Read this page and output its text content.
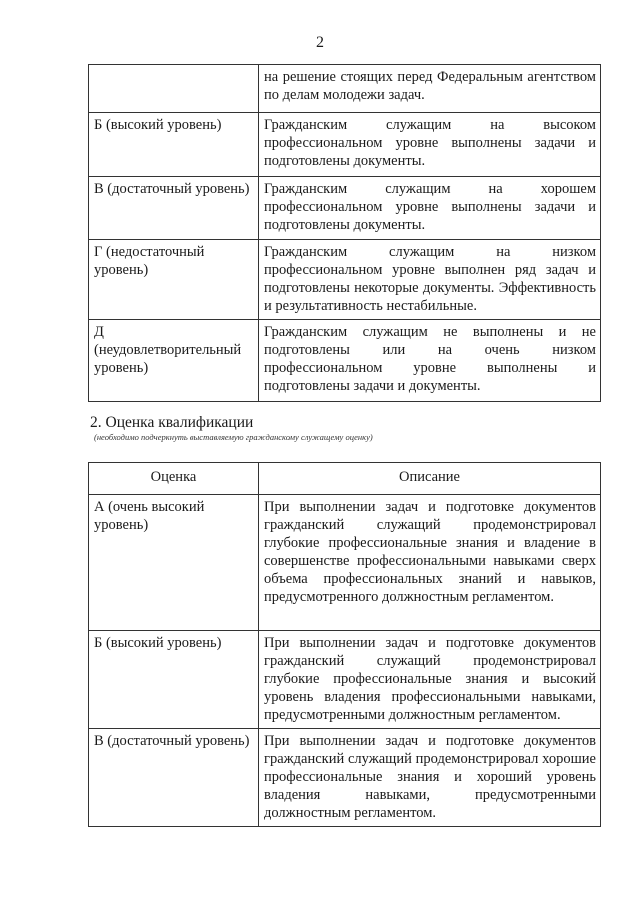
2
	на решение стоящих перед Федеральным агентством по делам молодежи задач.
Б (высокий уровень)	Гражданским служащим на высоком профессиональном уровне выполнены задачи и подготовлены документы.
В (достаточный уровень)	Гражданским служащим на хорошем профессиональном уровне выполнены задачи и подготовлены документы.
Г (недостаточный уровень)	Гражданским служащим на низком профессиональном уровне выполнен ряд задач и подготовлены некоторые документы. Эффективность и результативность нестабильные.
Д (неудовлетворительный уровень)	Гражданским служащим не выполнены и не подготовлены или на очень низком профессиональном уровне выполнены и подготовлены задачи и документы.
2. Оценка квалификации
(необходимо подчеркнуть выставляемую гражданскому служащему оценку)
Оценка	Описание
А (очень высокий уровень)	При выполнении задач и подготовке документов гражданский служащий продемонстрировал глубокие профессиональные знания и владение в совершенстве профессиональными навыками сверх объема профессиональных знаний и навыков, предусмотренного должностным регламентом.
Б (высокий уровень)	При выполнении задач и подготовке документов гражданский служащий продемонстрировал глубокие профессиональные знания и высокий уровень владения профессиональными навыками, предусмотренными должностным регламентом.
В (достаточный уровень)	При выполнении задач и подготовке документов гражданский служащий продемонстрировал хорошие профессиональные знания и хороший уровень владения навыками, предусмотренными должностным регламентом.
